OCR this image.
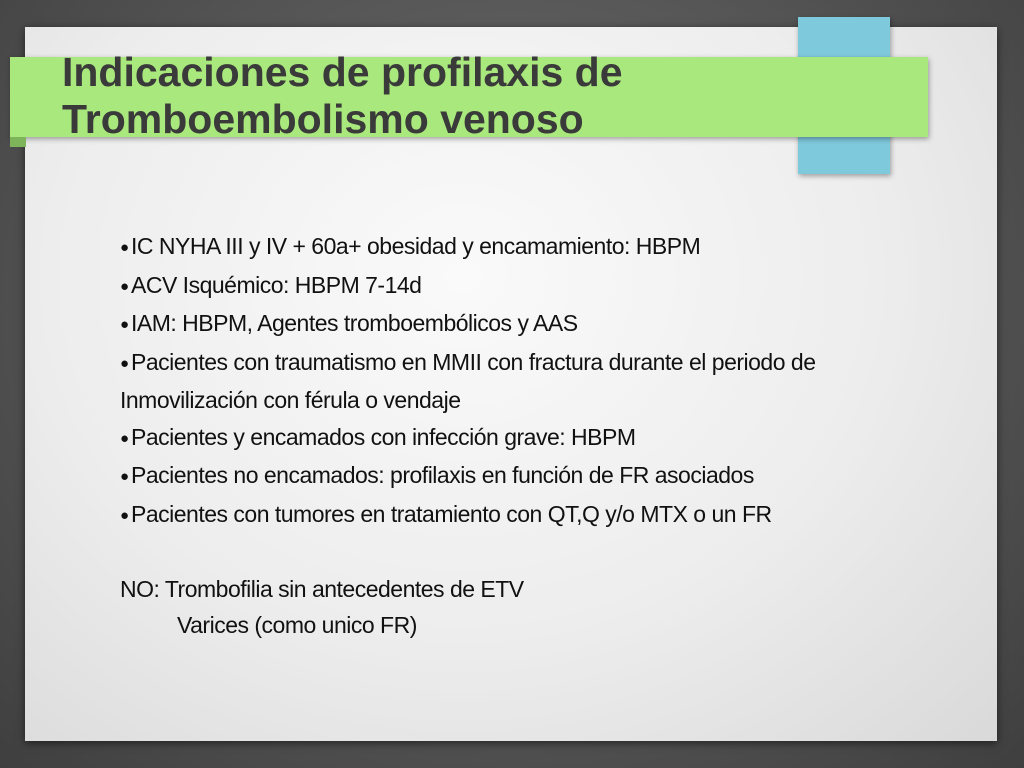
Indicaciones de profilaxis de
Tromboembolismo venoso
● IC NYHA III y IV + 60a+ obesidad y encamamiento: HBPM
● ACV Isquémico: HBPM 7-14d
● IAM: HBPM, Agentes tromboembólicos y AAS
● Pacientes con traumatismo en MMII con fractura durante el periodo de
Inmovilización con férula o vendaje
● Pacientes y encamados con infección grave: HBPM
● Pacientes no encamados: profilaxis en función de FR asociados
● Pacientes con tumores en tratamiento con QT,Q y/o MTX o un FR
NO: Trombofilia sin antecedentes de ETV
Varices (como unico FR)
